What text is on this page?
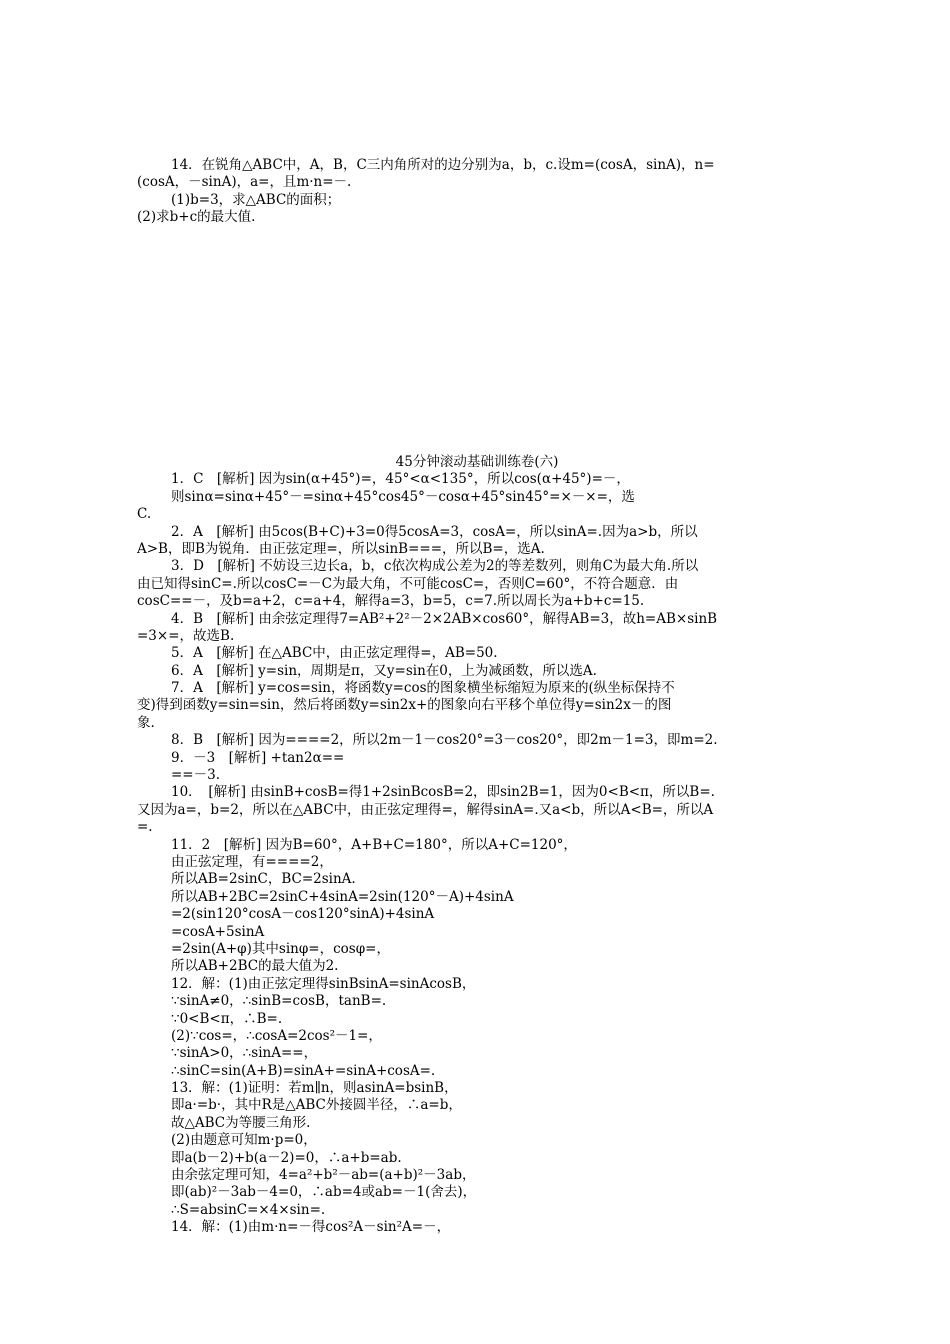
14．在锐角△ABC中，A，B，C三内角所对的边分别为a，b，c.设m=(cosA，sinA)，n=
(cosA，－sinA)，a=，且m·n=－.
(1)b=3，求△ABC的面积；
(2)求b+c的最大值.
45分钟滚动基础训练卷(六)
1．C　[解析] 因为sin(α+45°)=，45°<α<135°，所以cos(α+45°)=－，
则sinα=sinα+45°－=sinα+45°cos45°－cosα+45°sin45°=×－×=，选
C.
2．A　[解析] 由5cos(B+C)+3=0得5cosA=3，cosA=，所以sinA=.因为a>b，所以
A>B，即B为锐角．由正弦定理=，所以sinB===，所以B=，选A.
3．D　[解析] 不妨设三边长a，b，c依次构成公差为2的等差数列，则角C为最大角.所以
由已知得sinC=.所以cosC=－C为最大角，不可能cosC=，否则C=60°，不符合题意．由
cosC==－，及b=a+2，c=a+4，解得a=3，b=5，c=7.所以周长为a+b+c=15.
4．B　[解析] 由余弦定理得7=AB²+2²－2×2AB×cos60°，解得AB=3，故h=AB×sinB
=3×=，故选B.
5．A　[解析] 在△ABC中，由正弦定理得=，AB=50.
6．A　[解析] y=sin，周期是π，又y=sin在0，上为减函数，所以选A.
7．A　[解析] y=cos=sin，将函数y=cos的图象横坐标缩短为原来的(纵坐标保持不
变)得到函数y=sin=sin，然后将函数y=sin2x+的图象向右平移个单位得y=sin2x－的图
象.
8．B　[解析] 因为====2，所以2m－1－cos20°=3－cos20°，即2m－1=3，即m=2.
9．－3　[解析] +tan2α==
==－3.
10．　[解析] 由sinB+cosB=得1+2sinBcosB=2，即sin2B=1，因为0<B<π，所以B=.
又因为a=，b=2，所以在△ABC中，由正弦定理得=，解得sinA=.又a<b，所以A<B=，所以A
=.
11．2　[解析] 因为B=60°，A+B+C=180°，所以A+C=120°，
由正弦定理，有====2，
所以AB=2sinC，BC=2sinA.
所以AB+2BC=2sinC+4sinA=2sin(120°－A)+4sinA
=2(sin120°cosA－cos120°sinA)+4sinA
=cosA+5sinA
=2sin(A+φ)其中sinφ=，cosφ=，
所以AB+2BC的最大值为2.
12．解：(1)由正弦定理得sinBsinA=sinAcosB，
∵sinA≠0，∴sinB=cosB，tanB=.
∵0<B<π，∴B=.
(2)∵cos=，∴cosA=2cos²－1=，
∵sinA>0，∴sinA==，
∴sinC=sin(A+B)=sinA+=sinA+cosA=.
13．解：(1)证明：若m∥n，则asinA=bsinB，
即a·=b·，其中R是△ABC外接圆半径，∴a=b，
故△ABC为等腰三角形.
(2)由题意可知m·p=0，
即a(b－2)+b(a－2)=0，∴a+b=ab.
由余弦定理可知，4=a²+b²－ab=(a+b)²－3ab，
即(ab)²－3ab－4=0，∴ab=4或ab=－1(舍去)，
∴S=absinC=×4×sin=.
14．解：(1)由m·n=－得cos²A－sin²A=－，
